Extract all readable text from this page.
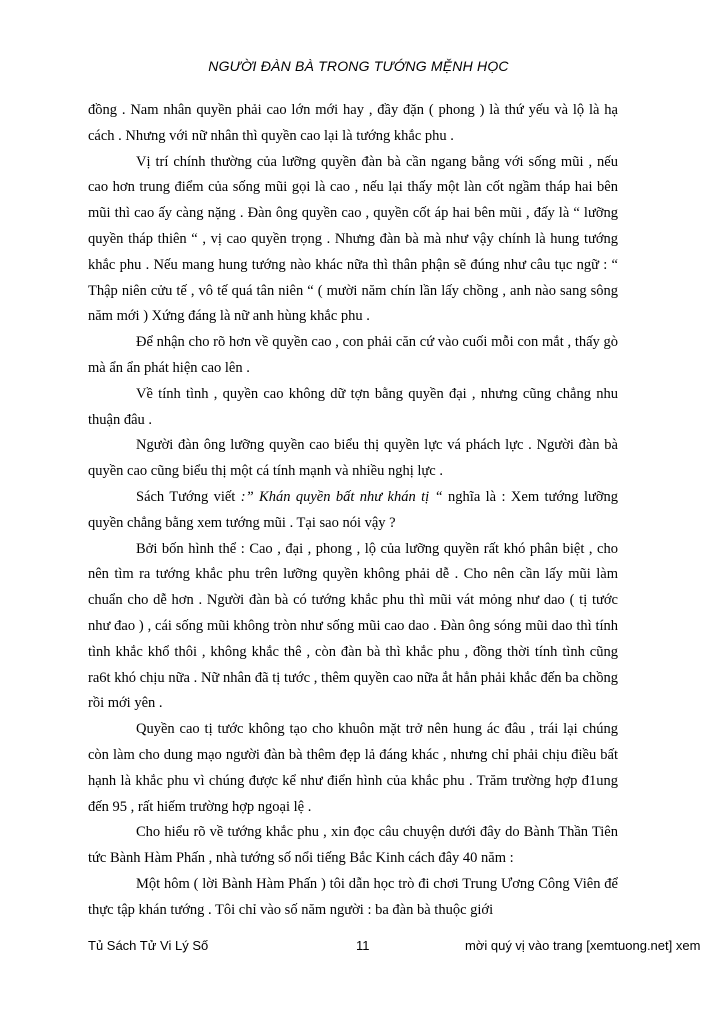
NGƯỜI ĐÀN BÀ TRONG TƯỚNG MỆNH HỌC

đồng . Nam nhân quyền phải cao lớn mới hay , đầy đặn ( phong ) là thứ yếu và lộ là hạ cách . Nhưng với nữ nhân thì quyền cao lại là tướng khắc phu .

Vị trí chính thường của lưỡng quyền đàn bà cần ngang bằng với sống mũi , nếu cao hơn trung điểm của sống mũi gọi là cao , nếu lại thấy một làn cốt ngầm tháp hai bên mũi thì cao ấy càng nặng . Đàn ông quyền cao , quyền cốt áp hai bên mũi , đấy là “ lưỡng quyền tháp thiên “ , vị cao quyền trọng . Nhưng đàn bà mà như vậy chính là hung tướng khắc phu . Nếu mang hung tướng nào khác nữa thì thân phận sẽ đúng như câu tục ngữ : “ Thập niên cửu tế , vô tế quá tân niên “ ( mười năm chín lần lấy chồng , anh nào sang sông năm mới ) Xứng đáng là nữ anh hùng khắc phu .

Để nhận cho rõ hơn về quyền cao , con phải căn cứ vào cuối mỗi con mắt , thấy gò mà ẩn ẩn phát hiện cao lên .

Về tính tình , quyền cao không dữ tợn bằng quyền đại , nhưng cũng chẳng nhu thuận đâu .

Người đàn ông lưỡng quyền cao biểu thị quyền lực vá phách lực . Người đàn bà quyền cao cũng biểu thị một cá tính mạnh và nhiều nghị lực .

Sách Tướng viết :” Khán quyền bất như khán tị “ nghĩa là : Xem tướng lưỡng quyền chẳng bằng xem tướng mũi . Tại sao nói vậy ?

Bởi bốn hình thể : Cao , đại , phong , lộ của lưỡng quyền rất khó phân biệt , cho nên tìm ra tướng khắc phu trên lưỡng quyền không phải dễ . Cho nên cần lấy mũi làm chuẩn cho dễ hơn . Người đàn bà có tướng khắc phu thì mũi vát mỏng như dao ( tị tước như đao ) , cái sống mũi không tròn như sống mũi cao dao . Đàn ông sóng mũi dao thì tính tình khắc khổ thôi , không khắc thê , còn đàn bà thì khắc phu , đồng thời tính tình cũng ra6t khó chịu nữa . Nữ nhân đã tị tước , thêm quyền cao nữa ắt hẳn phải khắc đến ba chồng rồi mới yên .

Quyền cao tị tước không tạo cho khuôn mặt trở nên hung ác đâu , trái lại chúng còn làm cho dung mạo người đàn bà thêm đẹp lả đáng khác , nhưng chỉ phải chịu điều bất hạnh là khắc phu vì chúng được kể như điển hình của khắc phu . Trăm trường hợp đ1ung đến 95 , rất hiếm trường hợp ngoại lệ .

Cho hiểu rõ về tướng khắc phu , xin đọc câu chuyện dưới đây do Bành Thần Tiên tức Bành Hàm Phấn , nhà tướng số nổi tiếng Bắc Kinh cách đây 40 năm :

Một hôm ( lời Bành Hàm Phấn ) tôi dẫn học trò đi chơi Trung Ương Công Viên để thực tập khán tướng . Tôi chỉ vào số năm người : ba đàn bà thuộc giới

Tủ Sách Tử Vi Lý Số	11	mời quý vị vào trang [xemtuong.net] xem
